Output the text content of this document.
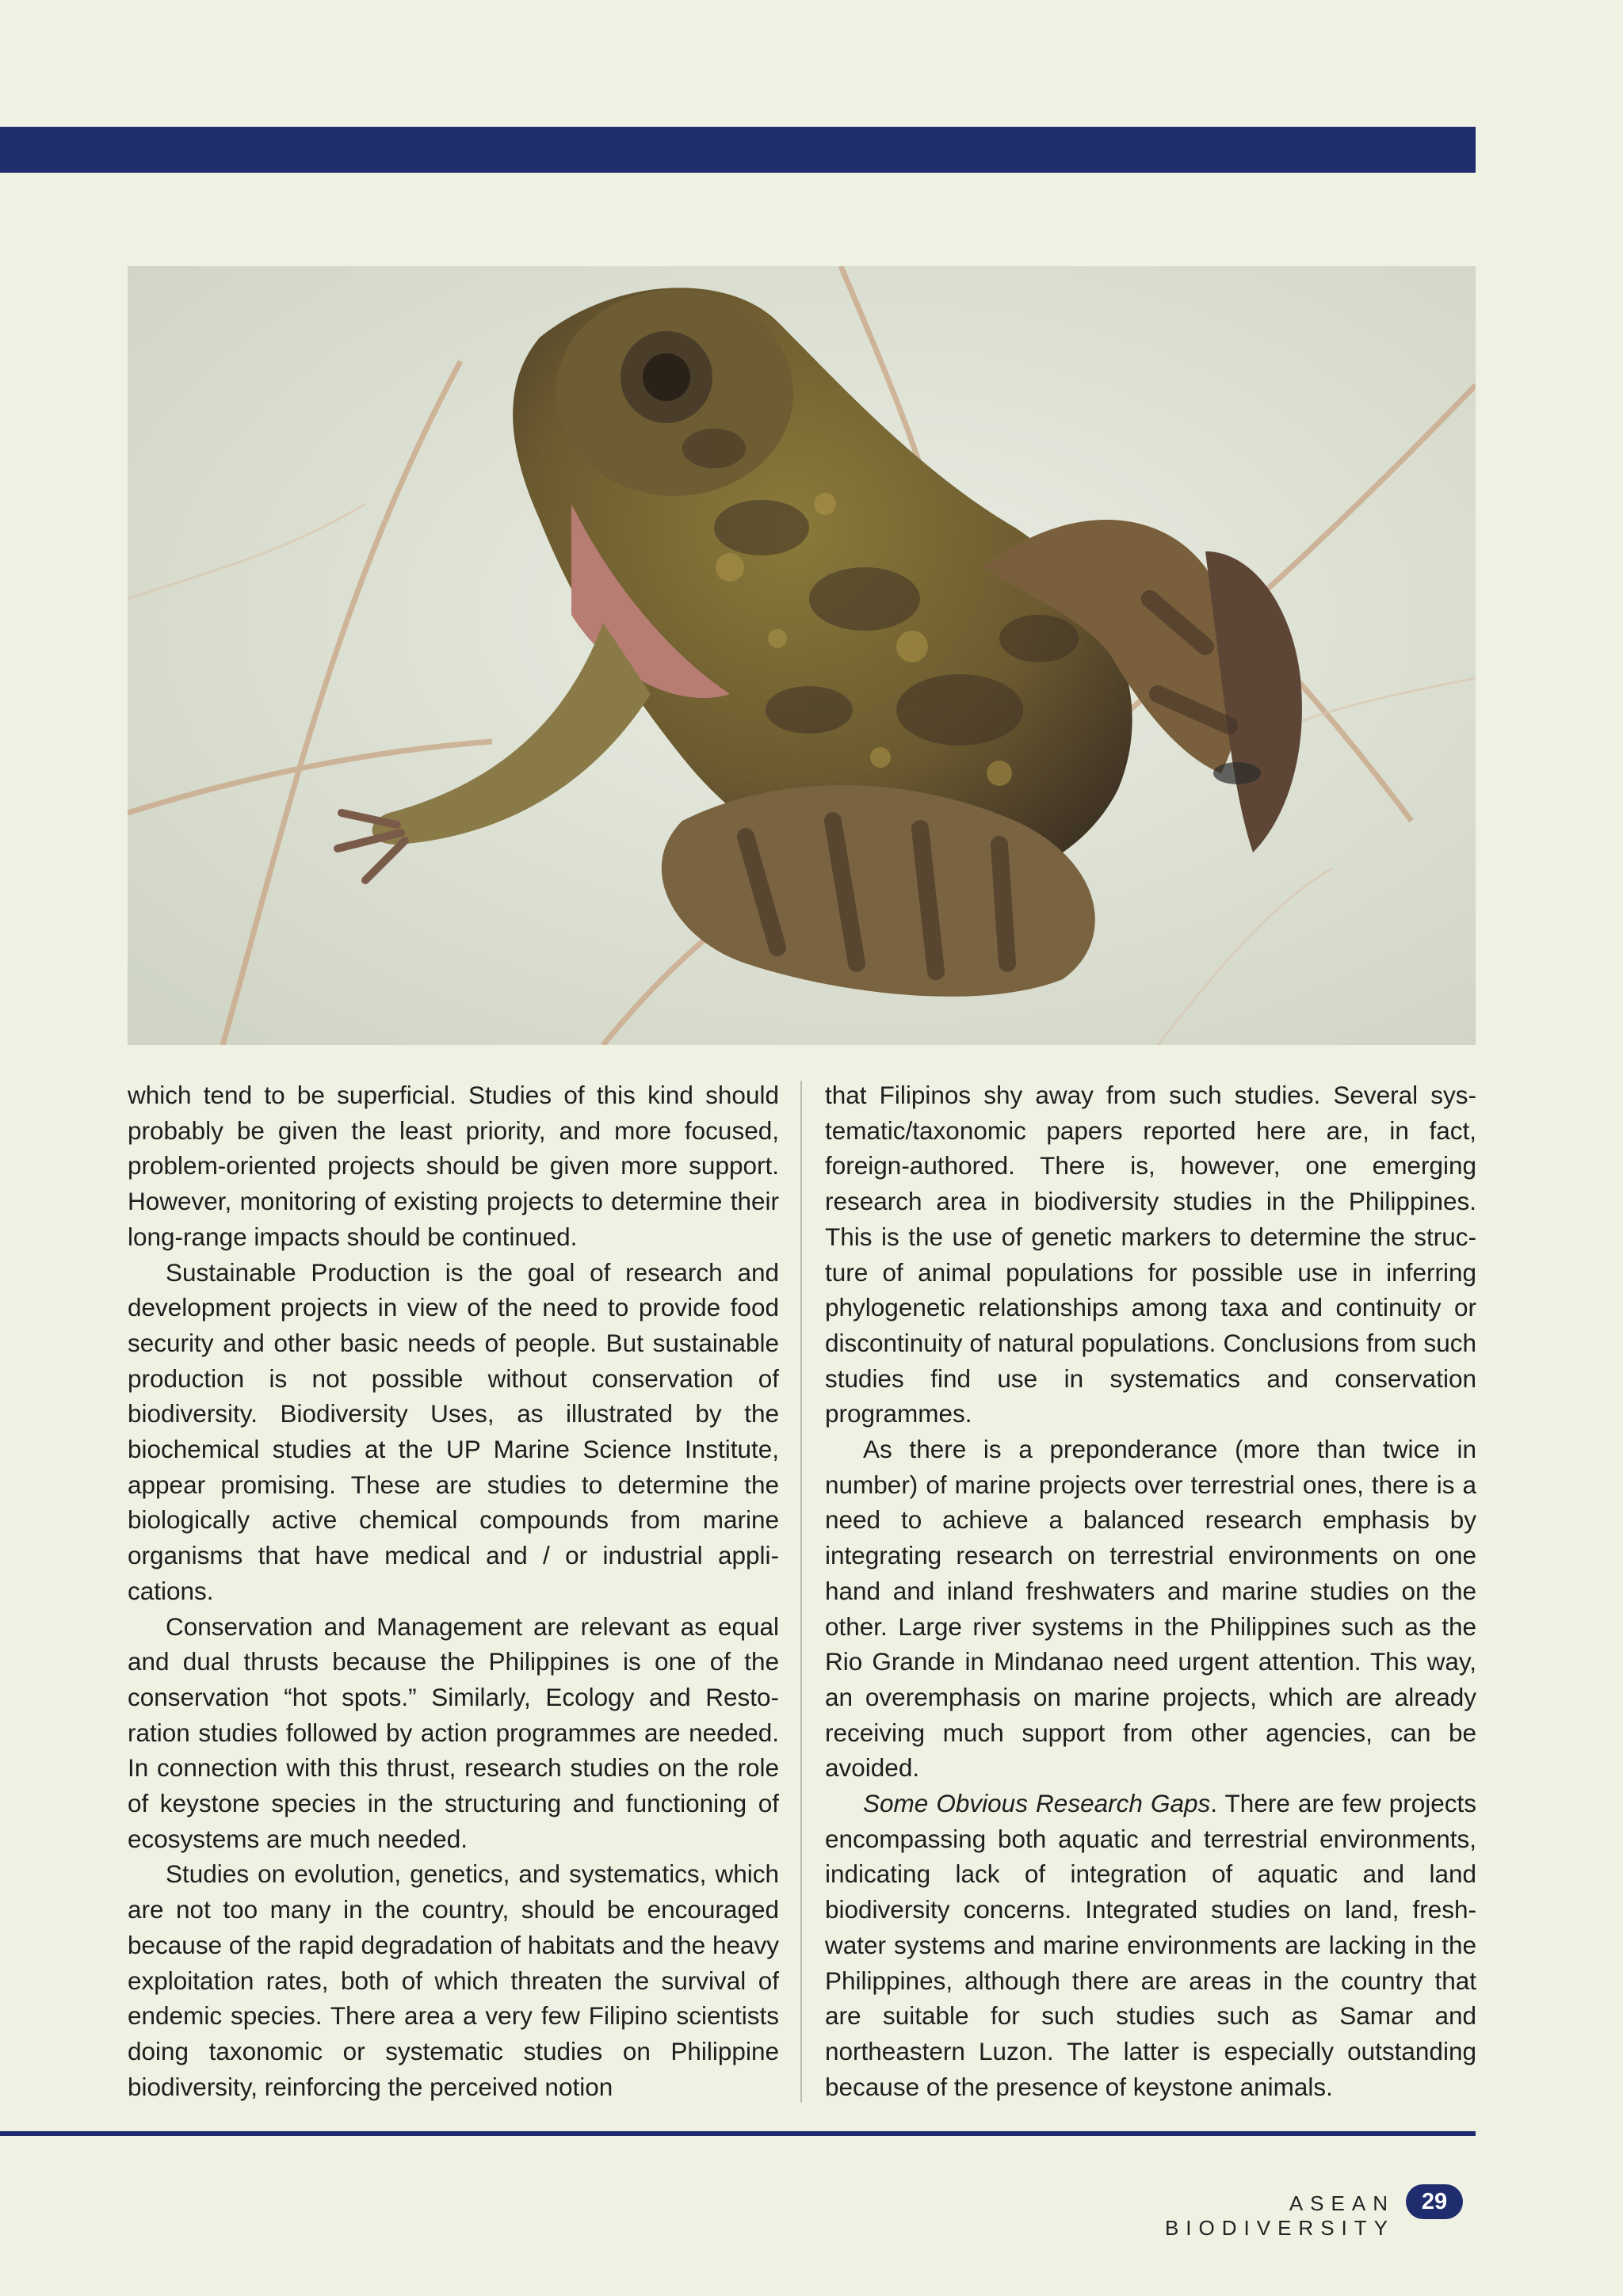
which tend to be superficial. Studies of this kind should probably be given the least priority, and more focused, problem-oriented projects should be given more support. However, monitoring of existing projects to determine their long-range impacts should be continued.

Sustainable Production is the goal of research and development projects in view of the need to provide food security and other basic needs of people. But sustainable production is not possible without conservation of biodiversity. Biodiversity Uses, as illustrated by the biochemical studies at the UP Marine Science Institute, appear promising. These are studies to determine the biologically active chemical compounds from marine organisms that have medical and / or industrial applications.

Conservation and Management are relevant as equal and dual thrusts because the Philippines is one of the conservation “hot spots.” Similarly, Ecology and Restoration studies followed by action programmes are needed. In connection with this thrust, research studies on the role of keystone species in the structuring and functioning of ecosystems are much needed.

Studies on evolution, genetics, and systematics, which are not too many in the country, should be encouraged because of the rapid degradation of habitats and the heavy exploitation rates, both of which threaten the survival of endemic species. There area a very few Filipino scientists doing taxonomic or systematic studies on Philippine biodiversity, reinforcing the perceived notion

that Filipinos shy away from such studies. Several systematic/taxonomic papers reported here are, in fact, foreign-authored. There is, however, one emerging research area in biodiversity studies in the Philippines. This is the use of genetic markers to determine the structure of animal populations for possible use in inferring phylogenetic relationships among taxa and continuity or discontinuity of natural populations. Conclusions from such studies find use in systematics and conservation programmes.

As there is a preponderance (more than twice in number) of marine projects over terrestrial ones, there is a need to achieve a balanced research emphasis by integrating research on terrestrial environments on one hand and inland freshwaters and marine studies on the other. Large river systems in the Philippines such as the Rio Grande in Mindanao need urgent attention. This way, an overemphasis on marine projects, which are already receiving much support from other agencies, can be avoided.

Some Obvious Research Gaps. There are few projects encompassing both aquatic and terrestrial environments, indicating lack of integration of aquatic and land biodiversity concerns. Integrated studies on land, freshwater systems and marine environments are lacking in the Philippines, although there are areas in the country that are suitable for such studies such as Samar and northeastern Luzon. The latter is especially outstanding because of the presence of keystone animals.

ASEAN BIODIVERSITY
29
